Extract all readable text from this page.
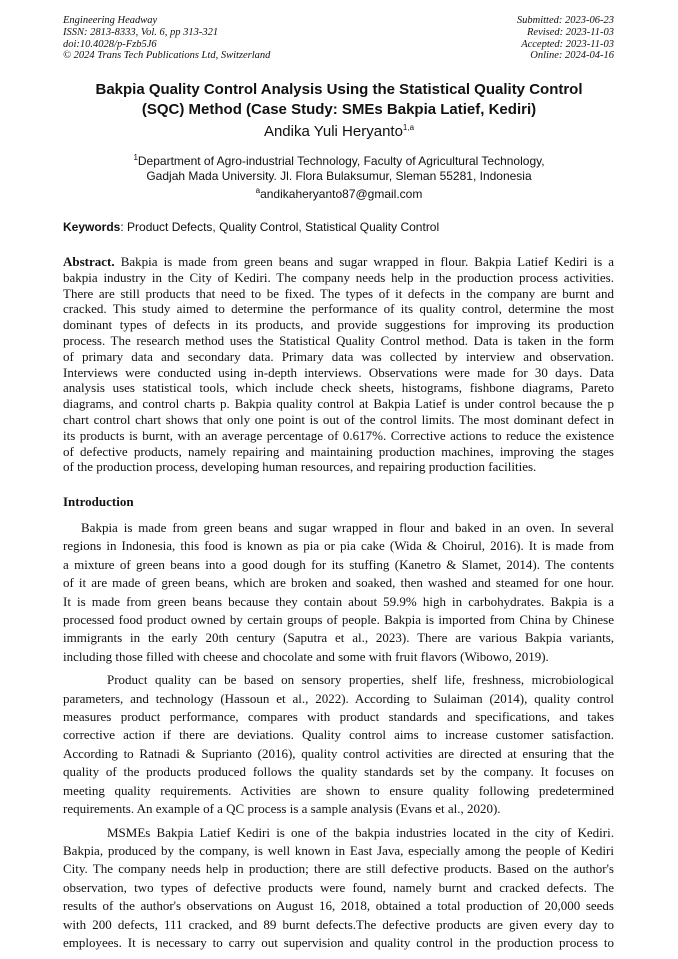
Engineering Headway
ISSN: 2813-8333, Vol. 6, pp 313-321
doi:10.4028/p-Fzb5J6
© 2024 Trans Tech Publications Ltd, Switzerland
Submitted: 2023-06-23
Revised: 2023-11-03
Accepted: 2023-11-03
Online: 2024-04-16
Bakpia Quality Control Analysis Using the Statistical Quality Control
(SQC) Method (Case Study: SMEs Bakpia Latief, Kediri)
Andika Yuli Heryanto$^{1,a}$
$^1$Department of Agro-industrial Technology, Faculty of Agricultural Technology,
Gadjah Mada University. Jl. Flora Bulaksumur, Sleman 55281, Indonesia
$^a$andikaheryanto87@gmail.com
Keywords: Product Defects, Quality Control, Statistical Quality Control
Abstract. Bakpia is made from green beans and sugar wrapped in flour. Bakpia Latief Kediri is a
bakpia industry in the City of Kediri. The company needs help in the production process activities.
There are still products that need to be fixed. The types of it defects in the company are burnt and
cracked. This study aimed to determine the performance of its quality control, determine the most
dominant types of defects in its products, and provide suggestions for improving its production
process. The research method uses the Statistical Quality Control method. Data is taken in the form
of primary data and secondary data. Primary data was collected by interview and observation.
Interviews were conducted using in-depth interviews. Observations were made for 30 days. Data
analysis uses statistical tools, which include check sheets, histograms, fishbone diagrams, Pareto
diagrams, and control charts p. Bakpia quality control at Bakpia Latief is under control because the p
chart control chart shows that only one point is out of the control limits. The most dominant defect in
its products is burnt, with an average percentage of 0.617%. Corrective actions to reduce the existence
of defective products, namely repairing and maintaining production machines, improving the stages
of the production process, developing human resources, and repairing production facilities.
Introduction
Bakpia is made from green beans and sugar wrapped in flour and baked in an oven. In several
regions in Indonesia, this food is known as pia or pia cake (Wida & Choirul, 2016). It is made from
a mixture of green beans into a good dough for its stuffing (Kanetro & Slamet, 2014). The contents
of it are made of green beans, which are broken and soaked, then washed and steamed for one hour.
It is made from green beans because they contain about 59.9% high in carbohydrates. Bakpia is a
processed food product owned by certain groups of people. Bakpia is imported from China by Chinese
immigrants in the early 20th century (Saputra et al., 2023). There are various Bakpia variants,
including those filled with cheese and chocolate and some with fruit flavors (Wibowo, 2019).
Product quality can be based on sensory properties, shelf life, freshness, microbiological
parameters, and technology (Hassoun et al., 2022). According to Sulaiman (2014), quality control
measures product performance, compares with product standards and specifications, and takes
corrective action if there are deviations. Quality control aims to increase customer satisfaction.
According to Ratnadi & Suprianto (2016), quality control activities are directed at ensuring that the
quality of the products produced follows the quality standards set by the company. It focuses on
meeting quality requirements. Activities are shown to ensure quality following predetermined
requirements. An example of a QC process is a sample analysis (Evans et al., 2020).
MSMEs Bakpia Latief Kediri is one of the bakpia industries located in the city of Kediri.
Bakpia, produced by the company, is well known in East Java, especially among the people of Kediri
City. The company needs help in production; there are still defective products. Based on the author's
observation, two types of defective products were found, namely burnt and cracked defects. The
results of the author's observations on August 16, 2018, obtained a total production of 20,000 seeds
with 200 defects, 111 cracked, and 89 burnt defects.The defective products are given every day to
employees. It is necessary to carry out supervision and quality control in the production process to
